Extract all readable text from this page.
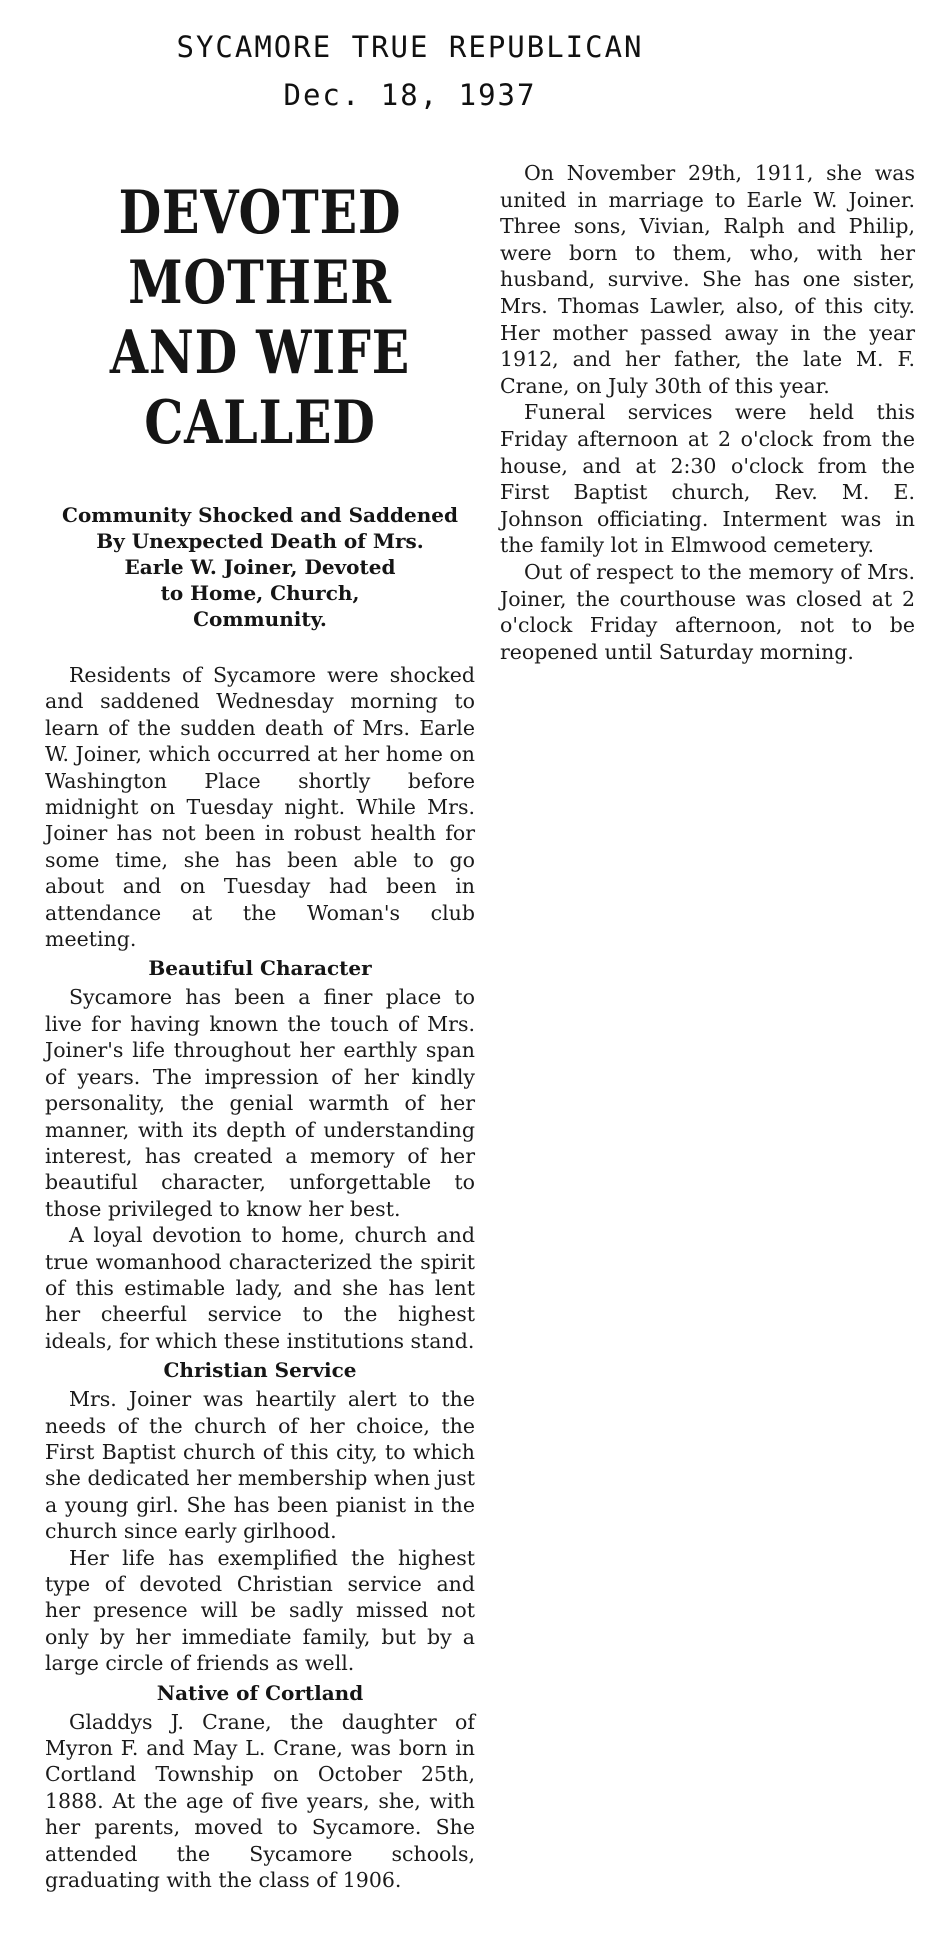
SYCAMORE TRUE REPUBLICAN
Dec. 18, 1937
DEVOTED MOTHER
AND WIFE CALLED
Community Shocked and Saddened
By Unexpected Death of Mrs.
Earle W. Joiner, Devoted
to Home, Church,
Community.

Residents of Sycamore were shocked and saddened Wednesday morning to learn of the sudden death of Mrs. Earle W. Joiner, which occurred at her home on Washington Place shortly before midnight on Tuesday night. While Mrs. Joiner has not been in robust health for some time, she has been able to go about and on Tuesday had been in attendance at the Woman's club meeting.

Beautiful Character

Sycamore has been a finer place to live for having known the touch of Mrs. Joiner's life throughout her earthly span of years. The impression of her kindly personality, the genial warmth of her manner, with its depth of understanding interest, has created a memory of her beautiful character, unforgettable to those privileged to know her best.

A loyal devotion to home, church and true womanhood characterized the spirit of this estimable lady, and she has lent her cheerful service to the highest ideals, for which these institutions stand.

Christian Service

Mrs. Joiner was heartily alert to the needs of the church of her choice, the First Baptist church of this city, to which she dedicated her membership when just a young girl. She has been pianist in the church since early girlhood.

Her life has exemplified the highest type of devoted Christian service and her presence will be sadly missed not only by her immediate family, but by a large circle of friends as well.

Native of Cortland

Gladdys J. Crane, the daughter of Myron F. and May L. Crane, was born in Cortland Township on October 25th, 1888. At the age of five years, she, with her parents, moved to Sycamore. She attended the Sycamore schools, graduating with the class of 1906.

On November 29th, 1911, she was united in marriage to Earle W. Joiner. Three sons, Vivian, Ralph and Philip, were born to them, who, with her husband, survive. She has one sister, Mrs. Thomas Lawler, also, of this city. Her mother passed away in the year 1912, and her father, the late M. F. Crane, on July 30th of this year.

Funeral services were held this Friday afternoon at 2 o'clock from the house, and at 2:30 o'clock from the First Baptist church, Rev. M. E. Johnson officiating. Interment was in the family lot in Elmwood cemetery.

Out of respect to the memory of Mrs. Joiner, the courthouse was closed at 2 o'clock Friday afternoon, not to be reopened until Saturday morning.
